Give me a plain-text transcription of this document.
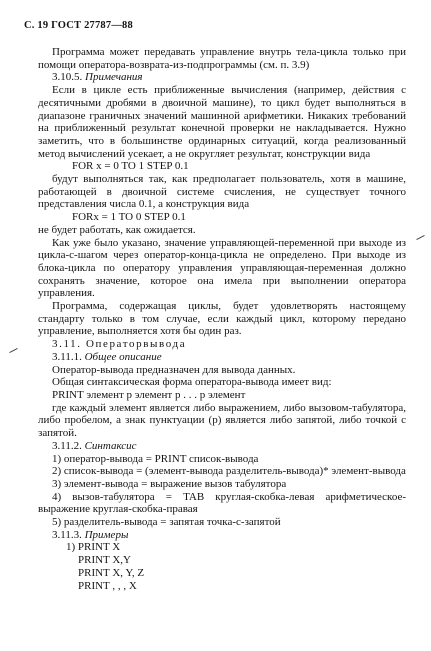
С. 19 ГОСТ 27787—88

Программа может передавать управление внутрь тела-цикла только при помощи оператора-возврата-из-подпрограммы (см. п. 3.9)

3.10.5. Примечания

Если в цикле есть приближенные вычисления (например, действия с десятичными дробями в двоичной машине), то цикл будет выполняться в диапазоне граничных значений машинной арифметики. Никаких требований на приближенный результат конечной проверки не накладывается. Нужно заметить, что в большинстве ординарных ситуаций, когда реализованный метод вычислений усекает, а не округляет результат, конструкции вида

FOR x = 0 TO 1 STEP 0.1

будут выполняться так, как предполагает пользователь, хотя в машине, работающей в двоичной системе счисления, не существует точного представления числа 0.1, а конструкция вида

FORx = 1 TO 0 STEP 0.1

не будет работать, как ожидается.

Как уже было указано, значение управляющей-переменной при выходе из цикла-с-шагом через оператор-конца-цикла не определено. При выходе из блока-цикла по оператору управления управляющая-переменная должно сохранять значение, которое она имела при выполнении оператора управления.

Программа, содержащая циклы, будет удовлетворять настоящему стандарту только в том случае, если каждый цикл, которому передано управление, выполняется хотя бы один раз.

3.11. Операторвывода

3.11.1. Общее описание

Оператор-вывода предназначен для вывода данных.

Общая синтаксическая форма оператора-вывода имеет вид:

PRINT элемент p элемент p . . . p элемент

где каждый элемент является либо выражением, либо вызовом-табулятора, либо пробелом, а знак пунктуации (р) является либо запятой, либо точкой с запятой.

3.11.2. Синтаксис

1) оператор-вывода = PRINT список-вывода

2) список-вывода = (элемент-вывода разделитель-вывода)* элемент-вывода

3) элемент-вывода = выражение вызов табулятора

4) вызов-табулятора = TAB круглая-скобка-левая арифметическое-выражение круглая-скобка-правая

5) разделитель-вывода = запятая точка-с-запятой

3.11.3. Примеры

1) PRINT X

PRINT X,Y

PRINT X, Y, Z

PRINT , , , X
